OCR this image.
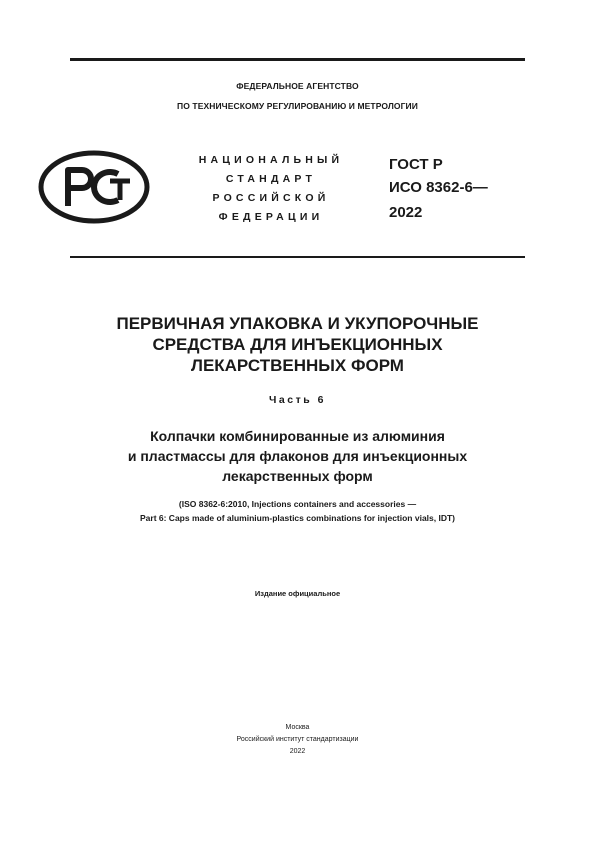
ФЕДЕРАЛЬНОЕ АГЕНТСТВО
ПО ТЕХНИЧЕСКОМУ РЕГУЛИРОВАНИЮ И МЕТРОЛОГИИ
НАЦИОНАЛЬНЫЙ
СТАНДАРТ
РОССИЙСКОЙ
ФЕДЕРАЦИИ
ГОСТ Р
ИСО 8362-6—
2022
ПЕРВИЧНАЯ УПАКОВКА И УКУПОРОЧНЫЕ
СРЕДСТВА ДЛЯ ИНЪЕКЦИОННЫХ
ЛЕКАРСТВЕННЫХ ФОРМ
Часть 6
Колпачки комбинированные из алюминия
и пластмассы для флаконов для инъекционных
лекарственных форм
(ISO 8362-6:2010, Injections containers and accessories —
Part 6: Caps made of aluminium-plastics combinations for injection vials, IDT)
Издание официальное
Москва
Российский институт стандартизации
2022
